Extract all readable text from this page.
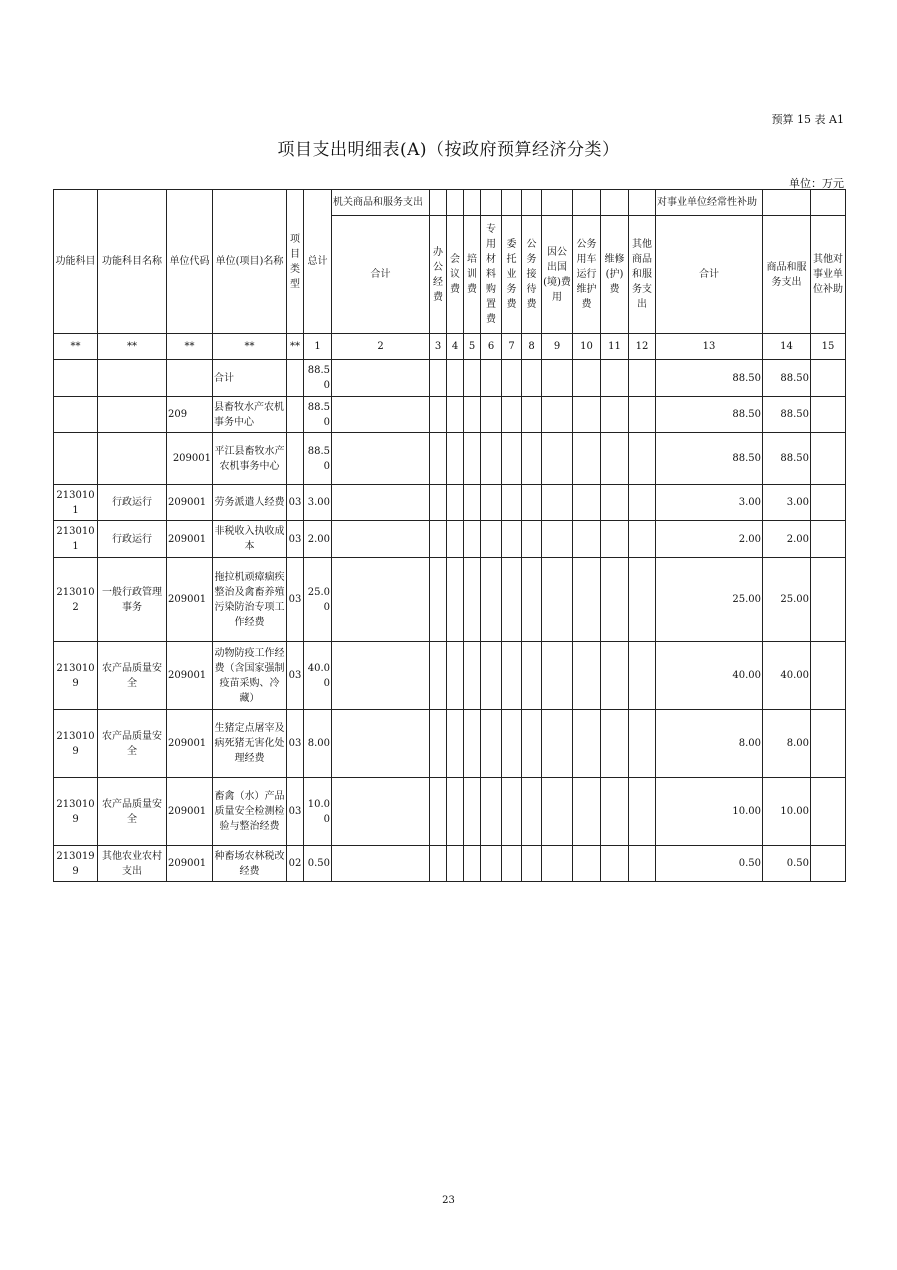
预算 15 表 A1
项目支出明细表(A)（按政府预算经济分类）
单位：万元
功能科目	功能科目名称	单位代码	单位(项目)名称	项目类型	总计	机关商品和服务支出											对事业单位经常性补助		
						合计	办公经费	会议费	培训费	专用材料购置费	委托业务费	公务接待费	因公出国(境)费用	公务用车运行维护费	维修(护)费	其他商品和服务支出	合计	商品和服务支出	其他对事业单位补助
**	**	**	**	**	1	2	3	4	5	6	7	8	9	10	11	12	13	14	15
			合计		88.50												88.50	88.50	
		209	县畜牧水产农机事务中心		88.50												88.50	88.50	
		209001	平江县畜牧水产农机事务中心		88.50												88.50	88.50	
2130101	行政运行	209001	劳务派遣人经费	03	3.00												3.00	3.00	
2130101	行政运行	209001	非税收入执收成本	03	2.00												2.00	2.00	
2130102	一般行政管理事务	209001	拖拉机顽瘴痼疾整治及禽畜养殖污染防治专项工作经费	03	25.00												25.00	25.00	
2130109	农产品质量安全	209001	动物防疫工作经费（含国家强制疫苗采购、冷藏）	03	40.00												40.00	40.00	
2130109	农产品质量安全	209001	生猪定点屠宰及病死猪无害化处理经费	03	8.00												8.00	8.00	
2130109	农产品质量安全	209001	畜禽（水）产品质量安全检测检验与整治经费	03	10.00												10.00	10.00	
2130199	其他农业农村支出	209001	种畜场农林税改经费	02	0.50												0.50	0.50	
23
